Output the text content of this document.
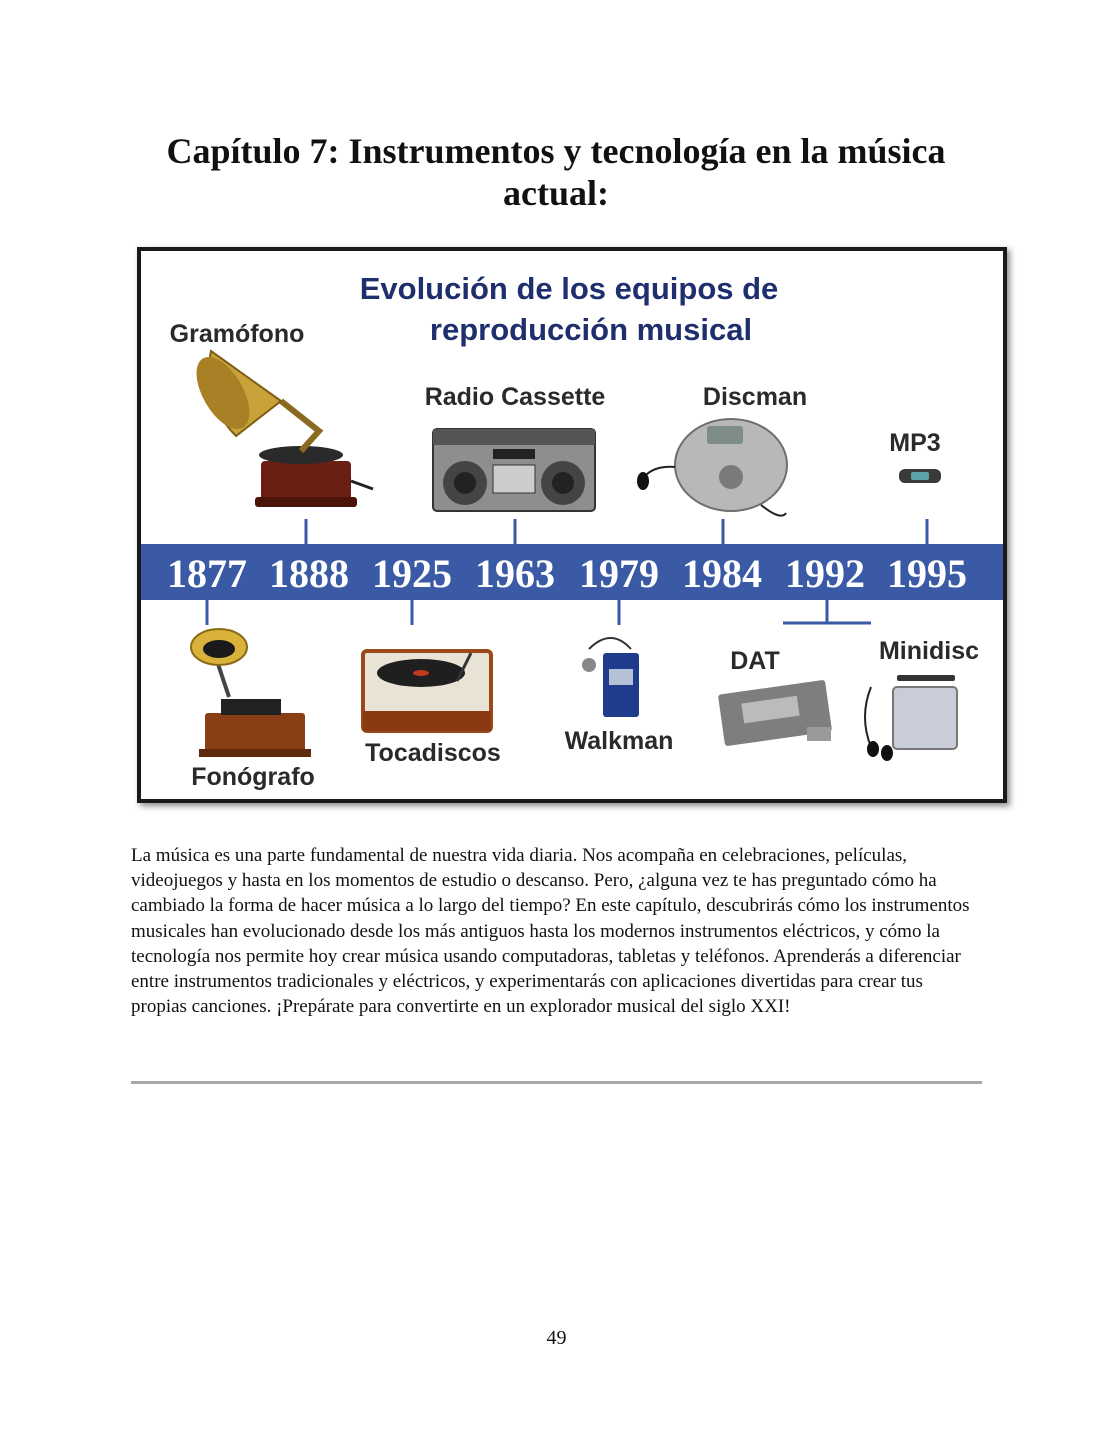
Capítulo 7: Instrumentos y tecnología en la música actual:
Evolución de los equipos de
reproducción musical
Gramófono
Radio Cassette	Discman
MP3
1877 1888 1925 1963 1979 1984 1992 1995
Fonógrafo
Tocadiscos	Walkman
DAT	Minidisc
La música es una parte fundamental de nuestra vida diaria. Nos acompaña en celebraciones, películas, videojuegos y hasta en los momentos de estudio o descanso. Pero, ¿alguna vez te has preguntado cómo ha cambiado la forma de hacer música a lo largo del tiempo? En este capítulo, descubrirás cómo los instrumentos musicales han evolucionado desde los más antiguos hasta los modernos instrumentos eléctricos, y cómo la tecnología nos permite hoy crear música usando computadoras, tabletas y teléfonos. Aprenderás a diferenciar entre instrumentos tradicionales y eléctricos, y experimentarás con aplicaciones divertidas para crear tus propias canciones. ¡Prepárate para convertirte en un explorador musical del siglo XXI!
49
